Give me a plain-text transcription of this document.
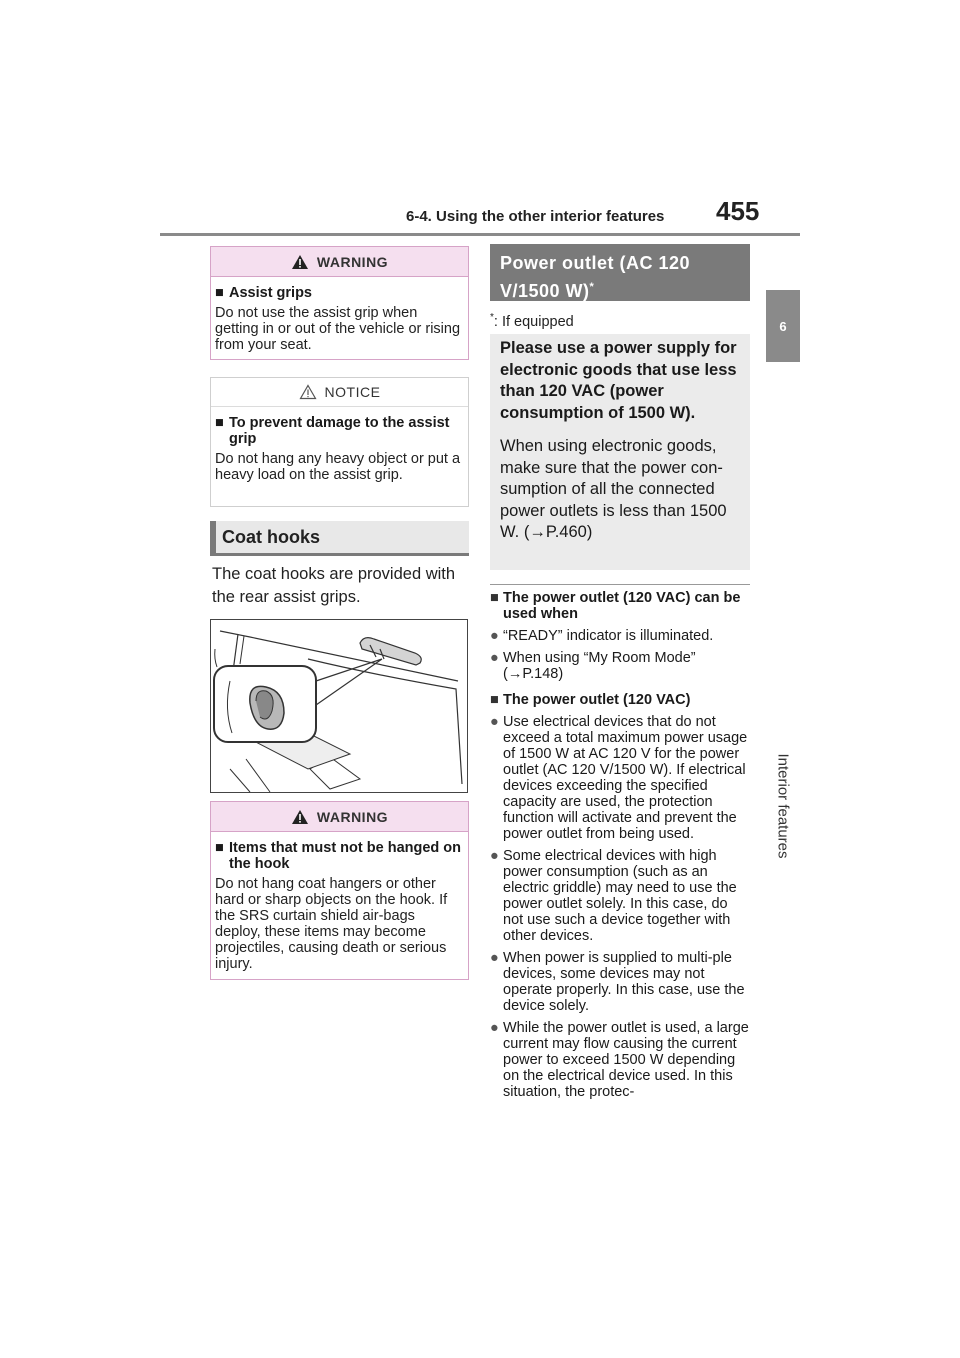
6-4. Using the other interior features 455
6
Interior features
WARNING
■ Assist grips
Do not use the assist grip when getting in or out of the vehicle or rising from your seat.
NOTICE
■ To prevent damage to the assist grip
Do not hang any heavy object or put a heavy load on the assist grip.
Coat hooks
The coat hooks are provided with the rear assist grips.
WARNING
■ Items that must not be hanged on the hook
Do not hang coat hangers or other hard or sharp objects on the hook. If the SRS curtain shield air-bags deploy, these items may become projectiles, causing death or serious injury.
Power outlet (AC 120 V/1500 W)*
*: If equipped

Please use a power supply for electronic goods that use less than 120 VAC (power consumption of 1500 W).

When using electronic goods, make sure that the power con-sumption of all the connected power outlets is less than 1500 W. (→P.460)

■ The power outlet (120 VAC) can be used when
● “READY” indicator is illuminated.
● When using “My Room Mode” (→P.148)
■ The power outlet (120 VAC)
● Use electrical devices that do not exceed a total maximum power usage of 1500 W at AC 120 V for the power outlet (AC 120 V/1500 W). If electrical devices exceeding the specified capacity are used, the protection function will activate and prevent the power outlet from being used.
● Some electrical devices with high power consumption (such as an electric griddle) may need to use the power outlet solely. In this case, do not use such a device together with other devices.
● When power is supplied to multi-ple devices, some devices may not operate properly. In this case, use the device solely.
● While the power outlet is used, a large current may flow causing the current power to exceed 1500 W depending on the electrical device used. In this situation, the protec-
